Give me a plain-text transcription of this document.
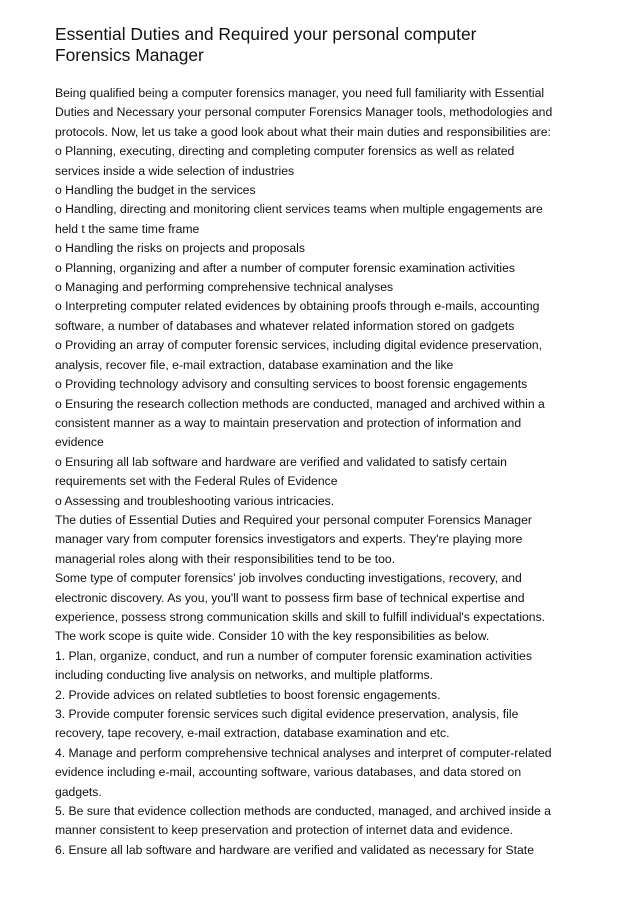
Essential Duties and Required your personal computer
Forensics Manager
Being qualified being a computer forensics manager, you need full familiarity with Essential
Duties and Necessary your personal computer Forensics Manager tools, methodologies and
protocols. Now, let us take a good look about what their main duties and responsibilities are:
o Planning, executing, directing and completing computer forensics as well as related
services inside a wide selection of industries
o Handling the budget in the services
o Handling, directing and monitoring client services teams when multiple engagements are
held t the same time frame
o Handling the risks on projects and proposals
o Planning, organizing and after a number of computer forensic examination activities
o Managing and performing comprehensive technical analyses
o Interpreting computer related evidences by obtaining proofs through e-mails, accounting
software, a number of databases and whatever related information stored on gadgets
o Providing an array of computer forensic services, including digital evidence preservation,
analysis, recover file, e-mail extraction, database examination and the like
o Providing technology advisory and consulting services to boost forensic engagements
o Ensuring the research collection methods are conducted, managed and archived within a
consistent manner as a way to maintain preservation and protection of information and
evidence
o Ensuring all lab software and hardware are verified and validated to satisfy certain
requirements set with the Federal Rules of Evidence
o Assessing and troubleshooting various intricacies.
The duties of Essential Duties and Required your personal computer Forensics Manager
manager vary from computer forensics investigators and experts. They're playing more
managerial roles along with their responsibilities tend to be too.
Some type of computer forensics' job involves conducting investigations, recovery, and
electronic discovery. As you, you'll want to possess firm base of technical expertise and
experience, possess strong communication skills and skill to fulfill individual's expectations.
The work scope is quite wide. Consider 10 with the key responsibilities as below.
1. Plan, organize, conduct, and run a number of computer forensic examination activities
including conducting live analysis on networks, and multiple platforms.
2. Provide advices on related subtleties to boost forensic engagements.
3. Provide computer forensic services such digital evidence preservation, analysis, file
recovery, tape recovery, e-mail extraction, database examination and etc.
4. Manage and perform comprehensive technical analyses and interpret of computer-related
evidence including e-mail, accounting software, various databases, and data stored on
gadgets.
5. Be sure that evidence collection methods are conducted, managed, and archived inside a
manner consistent to keep preservation and protection of internet data and evidence.
6. Ensure all lab software and hardware are verified and validated as necessary for State
